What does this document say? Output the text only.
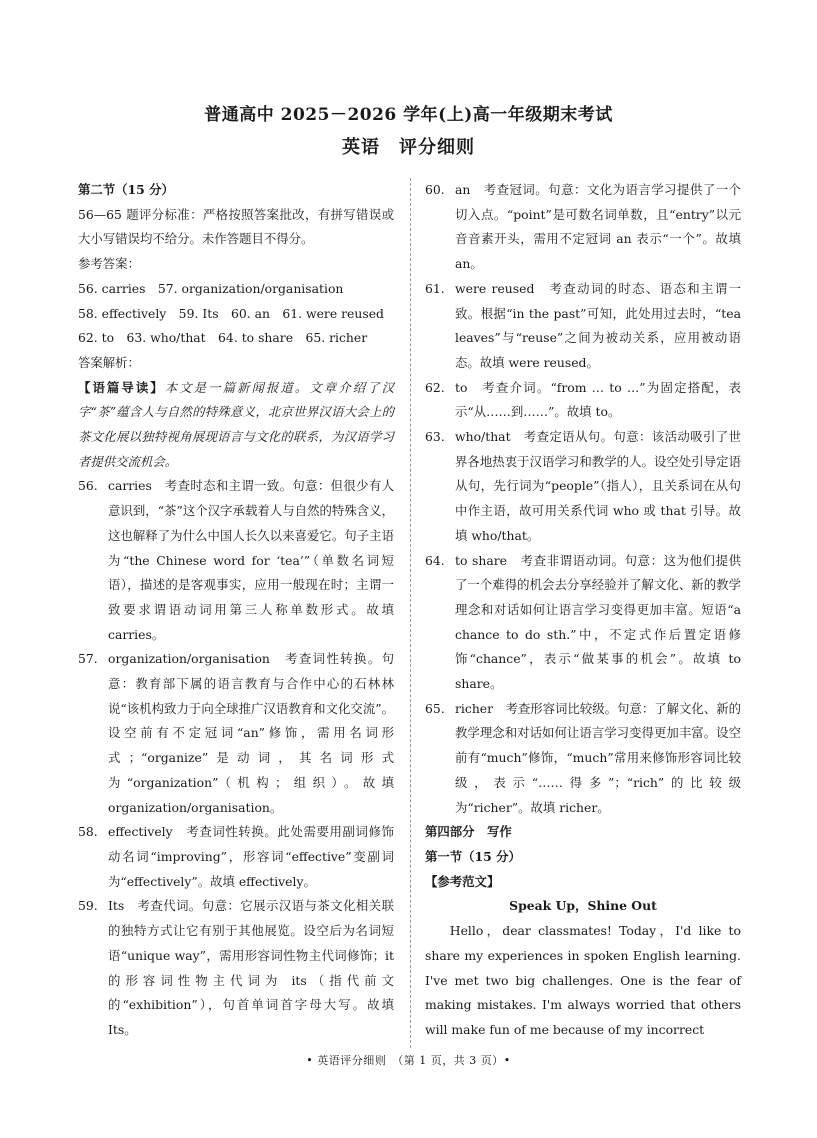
普通高中 2025－2026 学年(上)高一年级期末考试
英语　评分细则

第二节（15 分）

56—65 题评分标准：严格按照答案批改，有拼写错误或大小写错误均不给分。未作答题目不得分。

参考答案：

56. carries　57. organization/organisation

58. effectively　59. Its　60. an　61. were reused

62. to　63. who/that　64. to share　65. richer

答案解析：

【语篇导读】本文是一篇新闻报道。文章介绍了汉字“茶”蕴含人与自然的特殊意义，北京世界汉语大会上的茶文化展以独特视角展现语言与文化的联系，为汉语学习者提供交流机会。

56. carries　考查时态和主谓一致。句意：但很少有人意识到，“茶”这个汉字承载着人与自然的特殊含义，这也解释了为什么中国人长久以来喜爱它。句子主语为“the Chinese word for ‘tea’”（单数名词短语），描述的是客观事实，应用一般现在时；主谓一致要求谓语动词用第三人称单数形式。故填 carries。
57. organization/organisation　考查词性转换。句意：教育部下属的语言教育与合作中心的石林林说“该机构致力于向全球推广汉语教育和文化交流”。设空前有不定冠词“an”修饰，需用名词形式；“organize”是动词，其名词形式为“organization”（机构；组织）。故填 organization/organisation。
58. effectively　考查词性转换。此处需要用副词修饰动名词“improving”，形容词“effective”变副词为“effectively”。故填 effectively。
59. Its　考查代词。句意：它展示汉语与茶文化相关联的独特方式让它有别于其他展览。设空后为名词短语“unique way”，需用形容词性物主代词修饰；it 的形容词性物主代词为 its（指代前文的“exhibition”），句首单词首字母大写。故填 Its。
60. an　考查冠词。句意：文化为语言学习提供了一个切入点。“point”是可数名词单数，且“entry”以元音音素开头，需用不定冠词 an 表示“一个”。故填 an。
61. were reused　考查动词的时态、语态和主谓一致。根据“in the past”可知，此处用过去时，“tea leaves”与“reuse”之间为被动关系，应用被动语态。故填 were reused。
62. to　考查介词。“from … to …”为固定搭配，表示“从……到……”。故填 to。
63. who/that　考查定语从句。句意：该活动吸引了世界各地热衷于汉语学习和教学的人。设空处引导定语从句，先行词为“people”（指人），且关系词在从句中作主语，故可用关系代词 who 或 that 引导。故填 who/that。
64. to share　考查非谓语动词。句意：这为他们提供了一个难得的机会去分享经验并了解文化、新的教学理念和对话如何让语言学习变得更加丰富。短语“a chance to do sth.”中，不定式作后置定语修饰“chance”，表示“做某事的机会”。故填 to share。
65. richer　考查形容词比较级。句意：了解文化、新的教学理念和对话如何让语言学习变得更加丰富。设空前有“much”修饰，“much”常用来修饰形容词比较级，表示“……得多”；“rich”的比较级为“richer”。故填 richer。

第四部分　写作

第一节（15 分）

【参考范文】

Speak Up，Shine Out

Hello，dear classmates! Today，I'd like to share my experiences in spoken English learning. I've met two big challenges. One is the fear of making mistakes. I'm always worried that others will make fun of me because of my incorrect

• 英语评分细则　（第 1 页，共 3 页）•
